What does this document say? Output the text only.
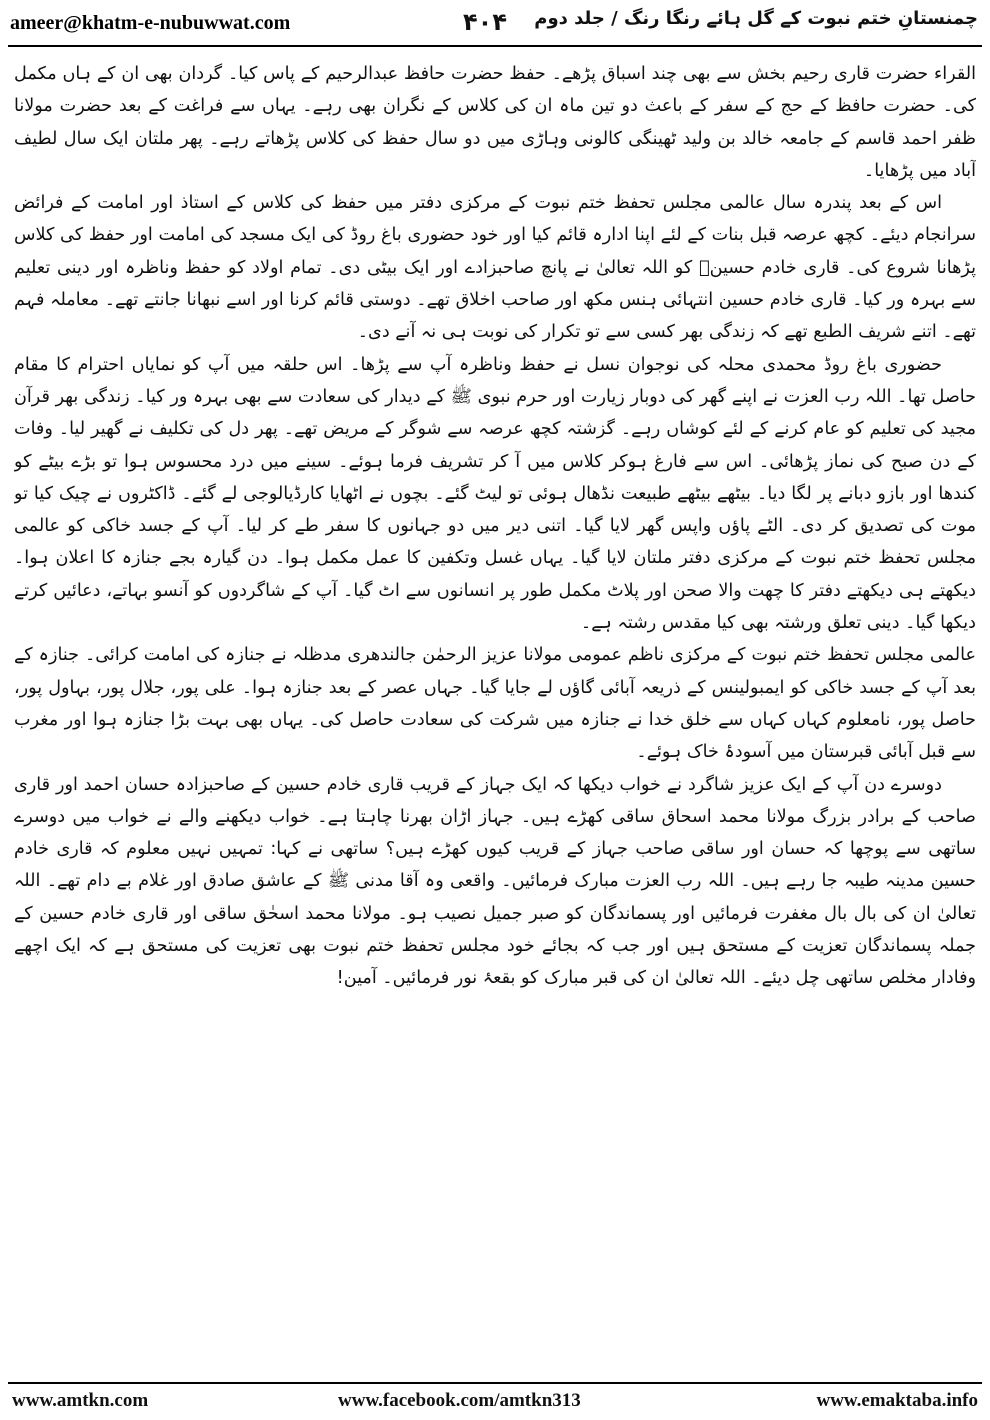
ameer@khatm-e-nubuwwat.com	۴۰۴	چمنستانِ ختم نبوت کے گل ہائے رنگا رنگ / جلد دوم

القراء حضرت قاری رحیم بخش سے بھی چند اسباق پڑھے۔ حفظ حضرت حافظ عبدالرحیم کے پاس کیا۔ گردان بھی ان کے ہاں مکمل کی۔ حضرت حافظ کے حج کے سفر کے باعث دو تین ماہ ان کی کلاس کے نگران بھی رہے۔ یہاں سے فراغت کے بعد حضرت مولانا ظفر احمد قاسم کے جامعہ خالد بن ولید ٹھینگی کالونی وہاڑی میں دو سال حفظ کی کلاس پڑھاتے رہے۔ پھر ملتان ایک سال لطیف آباد میں پڑھایا۔

اس کے بعد پندرہ سال عالمی مجلس تحفظ ختم نبوت کے مرکزی دفتر میں حفظ کی کلاس کے استاذ اور امامت کے فرائض سرانجام دیئے۔ کچھ عرصہ قبل بنات کے لئے اپنا ادارہ قائم کیا اور خود حضوری باغ روڈ کی ایک مسجد کی امامت اور حفظ کی کلاس پڑھانا شروع کی۔ قاری خادم حسینؒ کو اللہ تعالیٰ نے پانچ صاحبزادے اور ایک بیٹی دی۔ تمام اولاد کو حفظ وناظرہ اور دینی تعلیم سے بہرہ ور کیا۔ قاری خادم حسین انتہائی ہنس مکھ اور صاحب اخلاق تھے۔ دوستی قائم کرنا اور اسے نبھانا جانتے تھے۔ معاملہ فہم تھے۔ اتنے شریف الطبع تھے کہ زندگی بھر کسی سے تو تکرار کی نوبت ہی نہ آنے دی۔

حضوری باغ روڈ محمدی محلہ کی نوجوان نسل نے حفظ وناظرہ آپ سے پڑھا۔ اس حلقہ میں آپ کو نمایاں احترام کا مقام حاصل تھا۔ اللہ رب العزت نے اپنے گھر کی دوبار زیارت اور حرم نبوی ﷺ کے دیدار کی سعادت سے بھی بہرہ ور کیا۔ زندگی بھر قرآن مجید کی تعلیم کو عام کرنے کے لئے کوشاں رہے۔ گزشتہ کچھ عرصہ سے شوگر کے مریض تھے۔ پھر دل کی تکلیف نے گھیر لیا۔ وفات کے دن صبح کی نماز پڑھائی۔ اس سے فارغ ہوکر کلاس میں آ کر تشریف فرما ہوئے۔ سینے میں درد محسوس ہوا تو بڑے بیٹے کو کندھا اور بازو دبانے پر لگا دیا۔ بیٹھے بیٹھے طبیعت نڈھال ہوئی تو لیٹ گئے۔ بچوں نے اٹھایا کارڈیالوجی لے گئے۔ ڈاکٹروں نے چیک کیا تو موت کی تصدیق کر دی۔ الٹے پاؤں واپس گھر لایا گیا۔ اتنی دیر میں دو جہانوں کا سفر طے کر لیا۔ آپ کے جسد خاکی کو عالمی مجلس تحفظ ختم نبوت کے مرکزی دفتر ملتان لایا گیا۔ یہاں غسل وتکفین کا عمل مکمل ہوا۔ دن گیارہ بجے جنازہ کا اعلان ہوا۔ دیکھتے ہی دیکھتے دفتر کا چھت والا صحن اور پلاٹ مکمل طور پر انسانوں سے اٹ گیا۔ آپ کے شاگردوں کو آنسو بہاتے، دعائیں کرتے دیکھا گیا۔ دینی تعلق ورشتہ بھی کیا مقدس رشتہ ہے۔

عالمی مجلس تحفظ ختم نبوت کے مرکزی ناظم عمومی مولانا عزیز الرحمٰن جالندھری مدظلہ نے جنازہ کی امامت کرائی۔ جنازہ کے بعد آپ کے جسد خاکی کو ایمبولینس کے ذریعہ آبائی گاؤں لے جایا گیا۔ جہاں عصر کے بعد جنازہ ہوا۔ علی پور، جلال پور، بہاول پور، حاصل پور، نامعلوم کہاں کہاں سے خلق خدا نے جنازہ میں شرکت کی سعادت حاصل کی۔ یہاں بھی بہت بڑا جنازہ ہوا اور مغرب سے قبل آبائی قبرستان میں آسودۂ خاک ہوئے۔

دوسرے دن آپ کے ایک عزیز شاگرد نے خواب دیکھا کہ ایک جہاز کے قریب قاری خادم حسین کے صاحبزادہ حسان احمد اور قاری صاحب کے برادر بزرگ مولانا محمد اسحاق ساقی کھڑے ہیں۔ جہاز اڑان بھرنا چاہتا ہے۔ خواب دیکھنے والے نے خواب میں دوسرے ساتھی سے پوچھا کہ حسان اور ساقی صاحب جہاز کے قریب کیوں کھڑے ہیں؟ ساتھی نے کہا: تمہیں نہیں معلوم کہ قاری خادم حسین مدینہ طیبہ جا رہے ہیں۔ اللہ رب العزت مبارک فرمائیں۔ واقعی وہ آقا مدنی ﷺ کے عاشق صادق اور غلام بے دام تھے۔ اللہ تعالیٰ ان کی بال بال مغفرت فرمائیں اور پسماندگان کو صبر جمیل نصیب ہو۔ مولانا محمد اسحٰق ساقی اور قاری خادم حسین کے جملہ پسماندگان تعزیت کے مستحق ہیں اور جب کہ بجائے خود مجلس تحفظ ختم نبوت بھی تعزیت کی مستحق ہے کہ ایک اچھے وفادار مخلص ساتھی چل دیئے۔ اللہ تعالیٰ ان کی قبر مبارک کو بقعۂ نور فرمائیں۔ آمین!

www.amtkn.com	www.facebook.com/amtkn313	www.emaktaba.info
